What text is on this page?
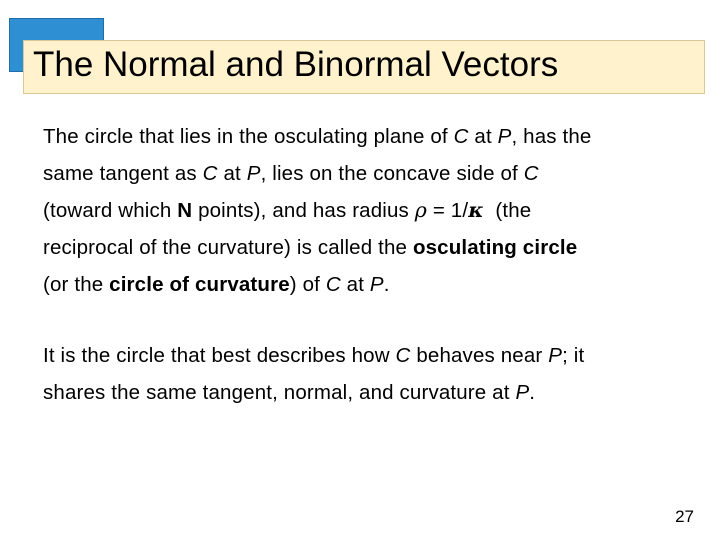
The Normal and Binormal Vectors
The circle that lies in the osculating plane of C at P, has the
same tangent as C at P, lies on the concave side of C
(toward which N points), and has radius ρ = 1/κ  (the
reciprocal of the curvature) is called the osculating circle
(or the circle of curvature) of C at P.
It is the circle that best describes how C behaves near P; it
shares the same tangent, normal, and curvature at P.
27
